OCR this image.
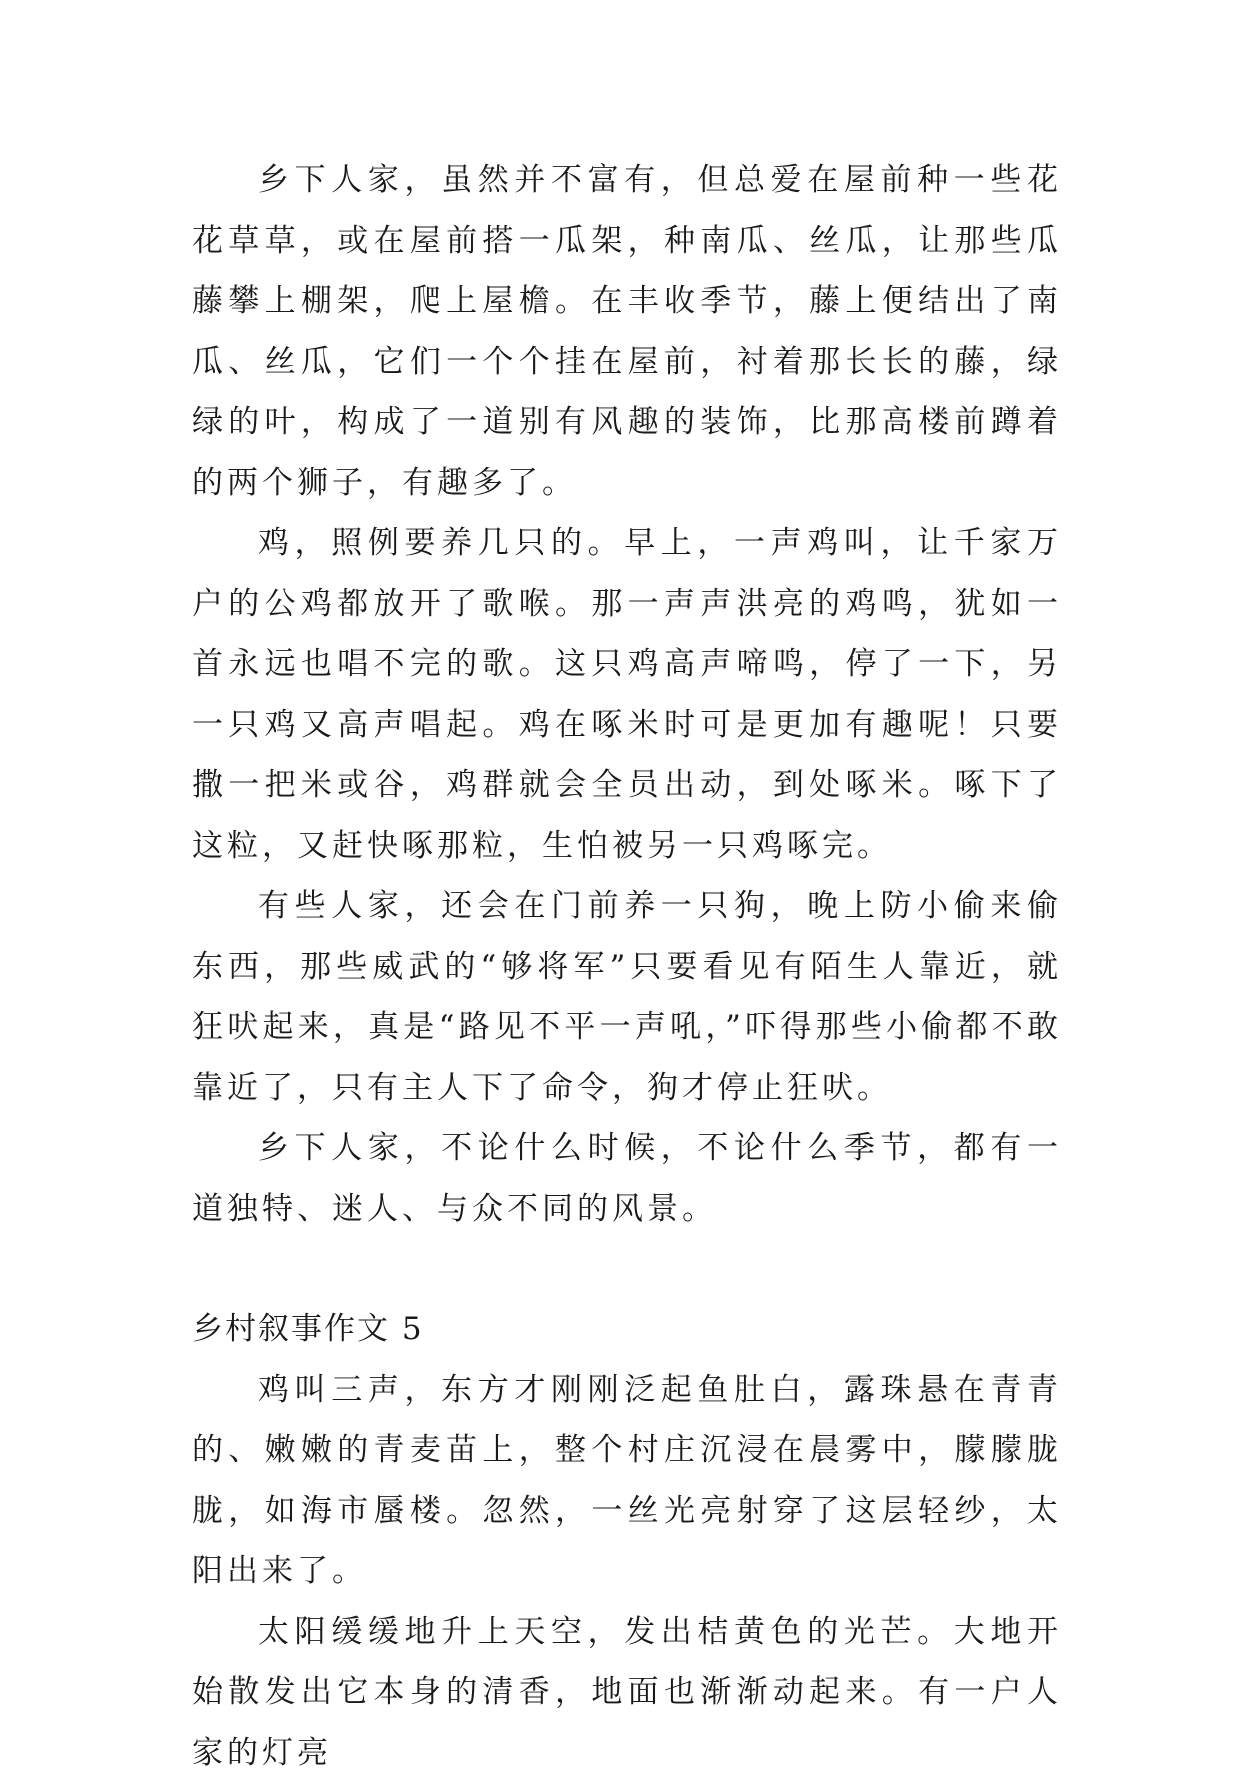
乡下人家，虽然并不富有，但总爱在屋前种一些花花草草，或在屋前搭一瓜架，种南瓜、丝瓜，让那些瓜藤攀上棚架，爬上屋檐。在丰收季节，藤上便结出了南瓜、丝瓜，它们一个个挂在屋前，衬着那长长的藤，绿绿的叶，构成了一道别有风趣的装饰，比那高楼前蹲着的两个狮子，有趣多了。

鸡，照例要养几只的。早上，一声鸡叫，让千家万户的公鸡都放开了歌喉。那一声声洪亮的鸡鸣，犹如一首永远也唱不完的歌。这只鸡高声啼鸣，停了一下，另一只鸡又高声唱起。鸡在啄米时可是更加有趣呢！只要撒一把米或谷，鸡群就会全员出动，到处啄米。啄下了这粒，又赶快啄那粒，生怕被另一只鸡啄完。

有些人家，还会在门前养一只狗，晚上防小偷来偷东西，那些威武的“够将军”只要看见有陌生人靠近，就狂吠起来，真是“路见不平一声吼，”吓得那些小偷都不敢靠近了，只有主人下了命令，狗才停止狂吠。

乡下人家，不论什么时候，不论什么季节，都有一道独特、迷人、与众不同的风景。

乡村叙事作文 5

鸡叫三声，东方才刚刚泛起鱼肚白，露珠悬在青青的、嫩嫩的青麦苗上，整个村庄沉浸在晨雾中，朦朦胧胧，如海市蜃楼。忽然，一丝光亮射穿了这层轻纱，太阳出来了。

太阳缓缓地升上天空，发出桔黄色的光芒。大地开始散发出它本身的清香，地面也渐渐动起来。有一户人家的灯亮
